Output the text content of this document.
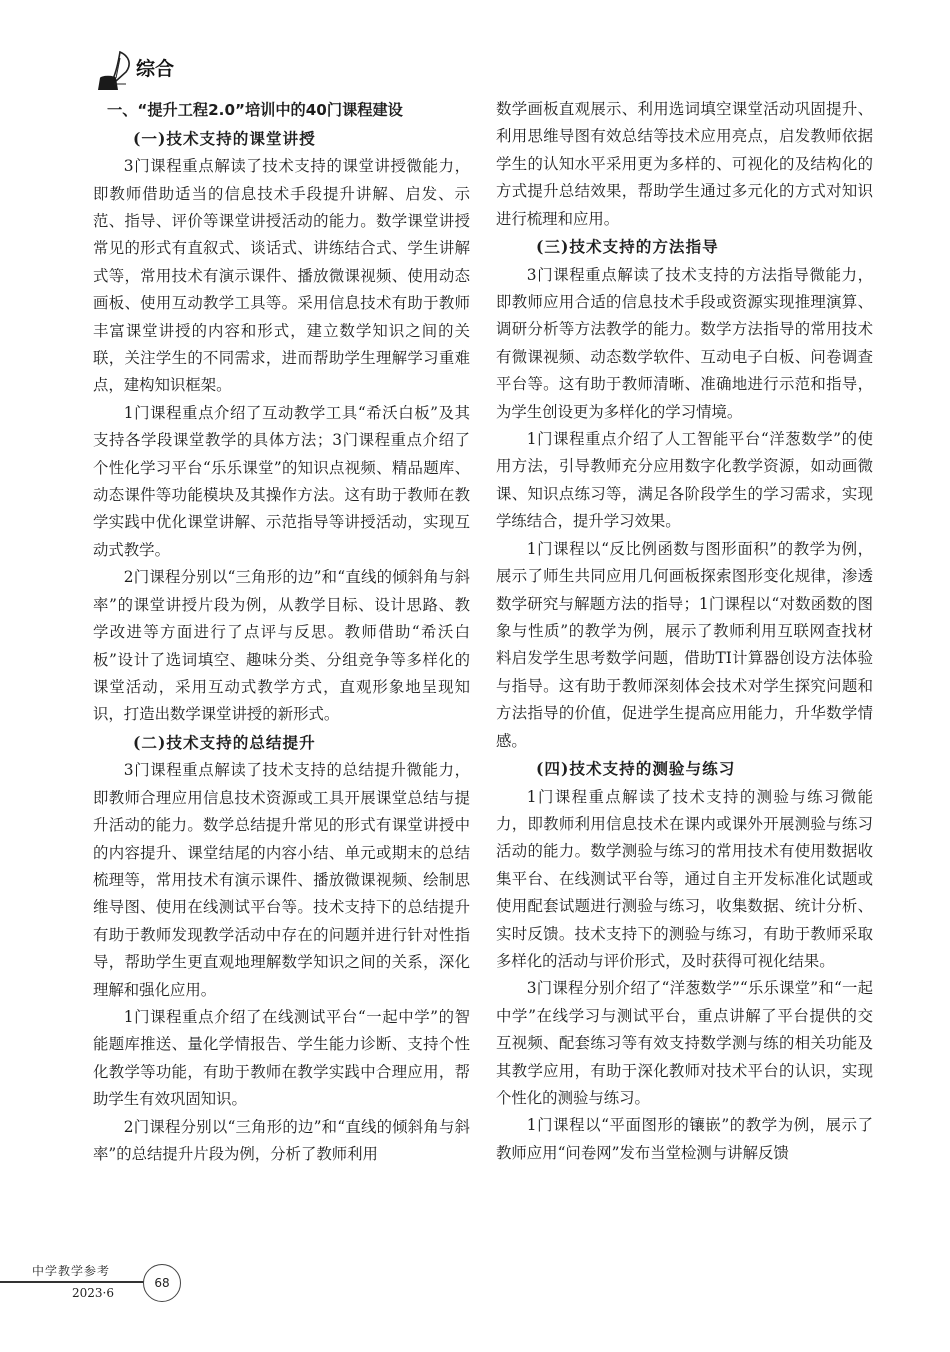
综合
一、“提升工程2.0”培训中的40门课程建设
(一)技术支持的课堂讲授

3门课程重点解读了技术支持的课堂讲授微能力，即教师借助适当的信息技术手段提升讲解、启发、示范、指导、评价等课堂讲授活动的能力。数学课堂讲授常见的形式有直叙式、谈话式、讲练结合式、学生讲解式等，常用技术有演示课件、播放微课视频、使用动态画板、使用互动教学工具等。采用信息技术有助于教师丰富课堂讲授的内容和形式，建立数学知识之间的关联，关注学生的不同需求，进而帮助学生理解学习重难点，建构知识框架。

1门课程重点介绍了互动教学工具“希沃白板”及其支持各学段课堂教学的具体方法；3门课程重点介绍了个性化学习平台“乐乐课堂”的知识点视频、精品题库、动态课件等功能模块及其操作方法。这有助于教师在教学实践中优化课堂讲解、示范指导等讲授活动，实现互动式教学。

2门课程分别以“三角形的边”和“直线的倾斜角与斜率”的课堂讲授片段为例，从教学目标、设计思路、教学改进等方面进行了点评与反思。教师借助“希沃白板”设计了选词填空、趣味分类、分组竞争等多样化的课堂活动，采用互动式教学方式，直观形象地呈现知识，打造出数学课堂讲授的新形式。

(二)技术支持的总结提升

3门课程重点解读了技术支持的总结提升微能力，即教师合理应用信息技术资源或工具开展课堂总结与提升活动的能力。数学总结提升常见的形式有课堂讲授中的内容提升、课堂结尾的内容小结、单元或期末的总结梳理等，常用技术有演示课件、播放微课视频、绘制思维导图、使用在线测试平台等。技术支持下的总结提升有助于教师发现教学活动中存在的问题并进行针对性指导，帮助学生更直观地理解数学知识之间的关系，深化理解和强化应用。

1门课程重点介绍了在线测试平台“一起中学”的智能题库推送、量化学情报告、学生能力诊断、支持个性化教学等功能，有助于教师在教学实践中合理应用，帮助学生有效巩固知识。

2门课程分别以“三角形的边”和“直线的倾斜角与斜率”的总结提升片段为例，分析了教师利用

数学画板直观展示、利用选词填空课堂活动巩固提升、利用思维导图有效总结等技术应用亮点，启发教师依据学生的认知水平采用更为多样的、可视化的及结构化的方式提升总结效果，帮助学生通过多元化的方式对知识进行梳理和应用。

(三)技术支持的方法指导

3门课程重点解读了技术支持的方法指导微能力，即教师应用合适的信息技术手段或资源实现推理演算、调研分析等方法教学的能力。数学方法指导的常用技术有微课视频、动态数学软件、互动电子白板、问卷调查平台等。这有助于教师清晰、准确地进行示范和指导，为学生创设更为多样化的学习情境。

1门课程重点介绍了人工智能平台“洋葱数学”的使用方法，引导教师充分应用数字化教学资源，如动画微课、知识点练习等，满足各阶段学生的学习需求，实现学练结合，提升学习效果。

1门课程以“反比例函数与图形面积”的教学为例，展示了师生共同应用几何画板探索图形变化规律，渗透数学研究与解题方法的指导；1门课程以“对数函数的图象与性质”的教学为例，展示了教师利用互联网查找材料启发学生思考数学问题，借助TI计算器创设方法体验与指导。这有助于教师深刻体会技术对学生探究问题和方法指导的价值，促进学生提高应用能力，升华数学情感。

(四)技术支持的测验与练习

1门课程重点解读了技术支持的测验与练习微能力，即教师利用信息技术在课内或课外开展测验与练习活动的能力。数学测验与练习的常用技术有使用数据收集平台、在线测试平台等，通过自主开发标准化试题或使用配套试题进行测验与练习，收集数据、统计分析、实时反馈。技术支持下的测验与练习，有助于教师采取多样化的活动与评价形式，及时获得可视化结果。

3门课程分别介绍了“洋葱数学”“乐乐课堂”和“一起中学”在线学习与测试平台，重点讲解了平台提供的交互视频、配套练习等有效支持数学测与练的相关功能及其教学应用，有助于深化教师对技术平台的认识，实现个性化的测验与练习。

1门课程以“平面图形的镶嵌”的教学为例，展示了教师应用“问卷网”发布当堂检测与讲解反馈

中学教学参考
2023·6
68
